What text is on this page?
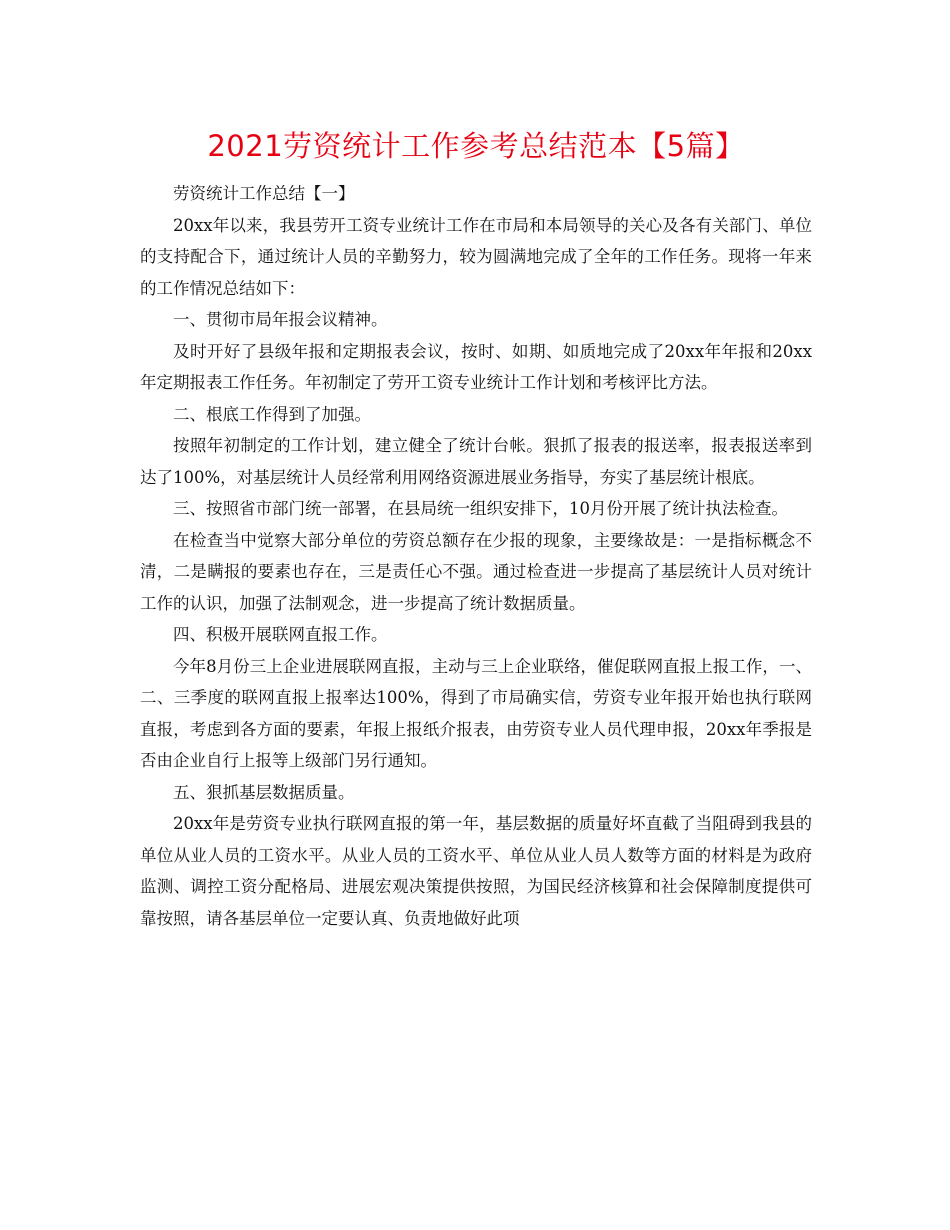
2021劳资统计工作参考总结范本【5篇】

劳资统计工作总结【一】

20xx年以来，我县劳开工资专业统计工作在市局和本局领导的关心及各有关部门、单位的支持配合下，通过统计人员的辛勤努力，较为圆满地完成了全年的工作任务。现将一年来的工作情况总结如下：

一、贯彻市局年报会议精神。

及时开好了县级年报和定期报表会议，按时、如期、如质地完成了20xx年年报和20xx年定期报表工作任务。年初制定了劳开工资专业统计工作计划和考核评比方法。

二、根底工作得到了加强。

按照年初制定的工作计划，建立健全了统计台帐。狠抓了报表的报送率，报表报送率到达了100%，对基层统计人员经常利用网络资源进展业务指导，夯实了基层统计根底。

三、按照省市部门统一部署，在县局统一组织安排下，10月份开展了统计执法检查。

在检查当中觉察大部分单位的劳资总额存在少报的现象，主要缘故是：一是指标概念不清，二是瞒报的要素也存在，三是责任心不强。通过检查进一步提高了基层统计人员对统计工作的认识，加强了法制观念，进一步提高了统计数据质量。

四、积极开展联网直报工作。

今年8月份三上企业进展联网直报，主动与三上企业联络，催促联网直报上报工作，一、二、三季度的联网直报上报率达100%，得到了市局确实信，劳资专业年报开始也执行联网直报，考虑到各方面的要素，年报上报纸介报表，由劳资专业人员代理申报，20xx年季报是否由企业自行上报等上级部门另行通知。

五、狠抓基层数据质量。

20xx年是劳资专业执行联网直报的第一年，基层数据的质量好坏直截了当阻碍到我县的单位从业人员的工资水平。从业人员的工资水平、单位从业人员人数等方面的材料是为政府监测、调控工资分配格局、进展宏观决策提供按照，为国民经济核算和社会保障制度提供可靠按照，请各基层单位一定要认真、负责地做好此项
